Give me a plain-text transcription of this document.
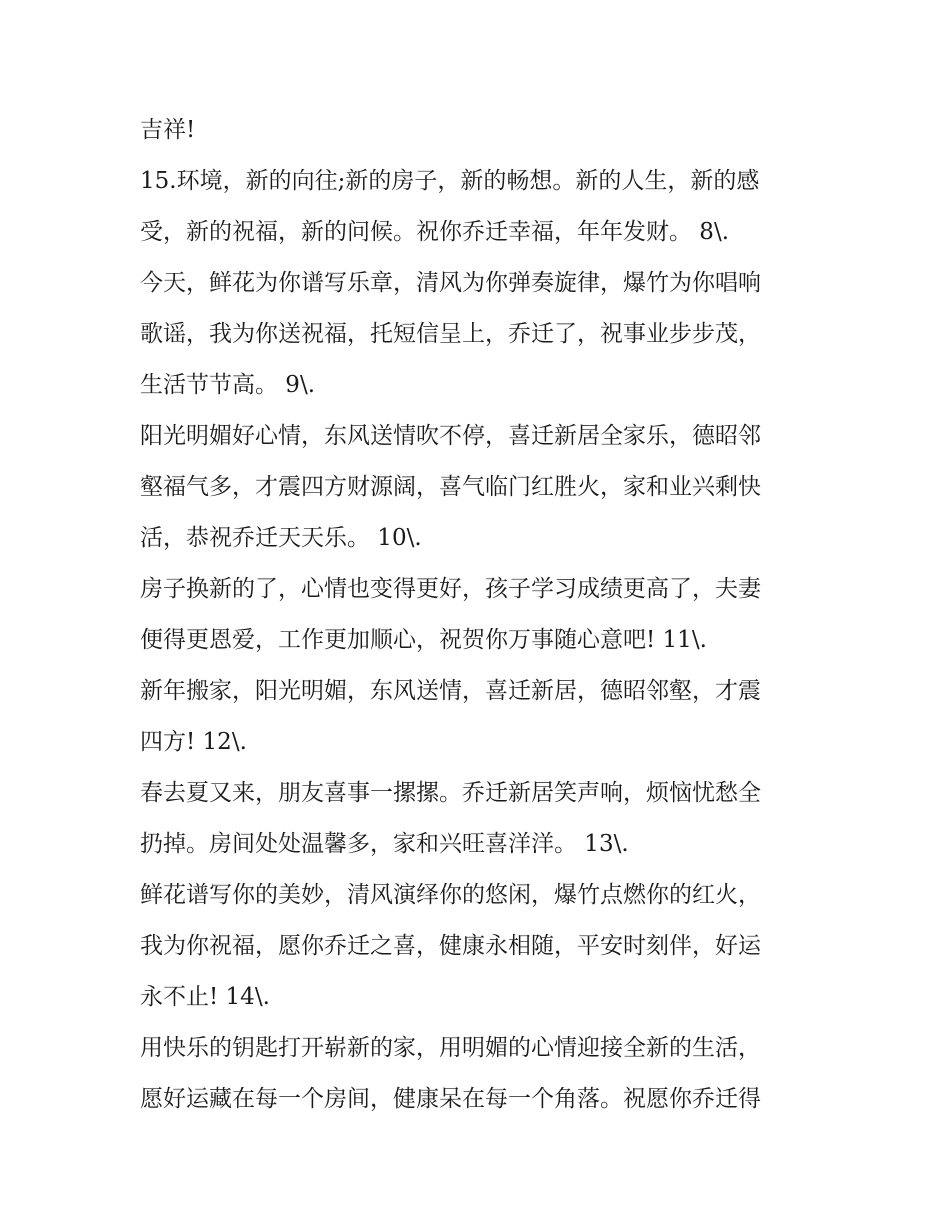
吉祥!
15.环境，新的向往;新的房子，新的畅想。新的人生，新的感
受，新的祝福，新的问候。祝你乔迁幸福，年年发财。 8\.
今天，鲜花为你谱写乐章，清风为你弹奏旋律，爆竹为你唱响
歌谣，我为你送祝福，托短信呈上，乔迁了，祝事业步步茂，
生活节节高。 9\.
阳光明媚好心情，东风送情吹不停，喜迁新居全家乐，德昭邻
壑福气多，才震四方财源阔，喜气临门红胜火，家和业兴剩快
活，恭祝乔迁天天乐。 10\.
房子换新的了，心情也变得更好，孩子学习成绩更高了，夫妻
便得更恩爱，工作更加顺心，祝贺你万事随心意吧! 11\.
新年搬家，阳光明媚，东风送情，喜迁新居，德昭邻壑，才震
四方! 12\.
春去夏又来，朋友喜事一摞摞。乔迁新居笑声响，烦恼忧愁全
扔掉。房间处处温馨多，家和兴旺喜洋洋。 13\.
鲜花谱写你的美妙，清风演绎你的悠闲，爆竹点燃你的红火，
我为你祝福，愿你乔迁之喜，健康永相随，平安时刻伴，好运
永不止! 14\.
用快乐的钥匙打开崭新的家，用明媚的心情迎接全新的生活，
愿好运藏在每一个房间，健康呆在每一个角落。祝愿你乔迁得
